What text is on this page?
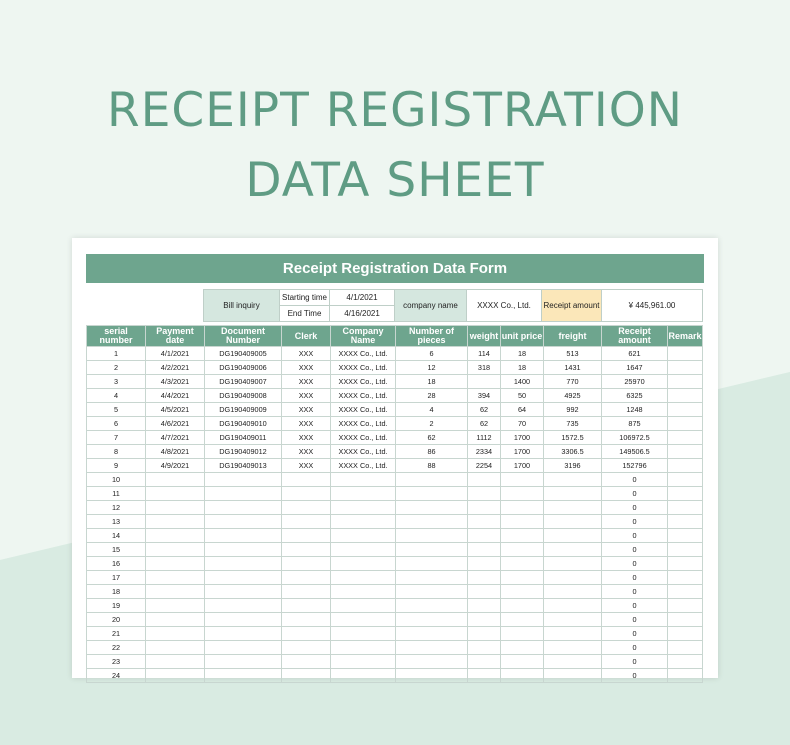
RECEIPT REGISTRATION
DATA SHEET
Receipt Registration Data Form
Bill inquiry	Starting time	4/1/2021	company name	XXXX Co., Ltd.	Receipt amount	¥ 445,961.00
	End Time	4/16/2021				
serial number	Payment date	Document Number	Clerk	Company Name	Number of pieces	weight	unit price	freight	Receipt amount	Remark
1	4/1/2021	DG190409005	XXX	XXXX Co., Ltd.	6	114	18	513	621	
2	4/2/2021	DG190409006	XXX	XXXX Co., Ltd.	12	318	18	1431	1647	
3	4/3/2021	DG190409007	XXX	XXXX Co., Ltd.	18		1400	770	25970	
4	4/4/2021	DG190409008	XXX	XXXX Co., Ltd.	28	394	50	4925	6325	
5	4/5/2021	DG190409009	XXX	XXXX Co., Ltd.	4	62	64	992	1248	
6	4/6/2021	DG190409010	XXX	XXXX Co., Ltd.	2	62	70	735	875	
7	4/7/2021	DG190409011	XXX	XXXX Co., Ltd.	62	1112	1700	1572.5	106972.5	
8	4/8/2021	DG190409012	XXX	XXXX Co., Ltd.	86	2334	1700	3306.5	149506.5	
9	4/9/2021	DG190409013	XXX	XXXX Co., Ltd.	88	2254	1700	3196	152796	
10									0	
11									0	
12									0	
13									0	
14									0	
15									0	
16									0	
17									0	
18									0	
19									0	
20									0	
21									0	
22									0	
23									0	
24									0	
